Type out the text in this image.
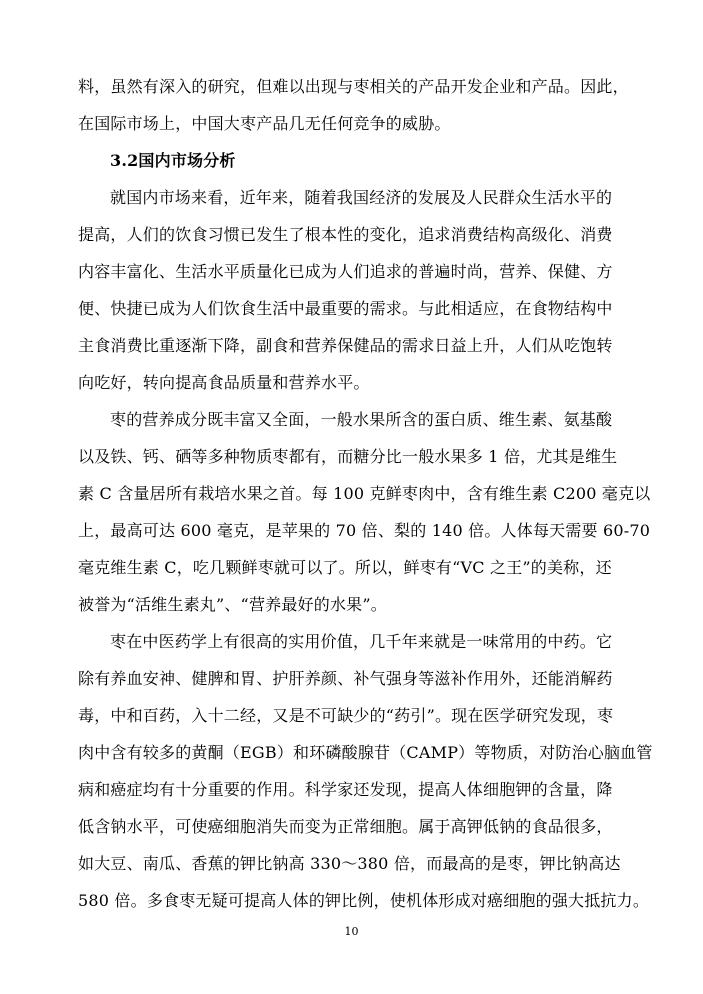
料，虽然有深入的研究，但难以出现与枣相关的产品开发企业和产品。因此，
在国际市场上，中国大枣产品几无任何竞争的威胁。
3.2国内市场分析
就国内市场来看，近年来，随着我国经济的发展及人民群众生活水平的
提高，人们的饮食习惯已发生了根本性的变化，追求消费结构高级化、消费
内容丰富化、生活水平质量化已成为人们追求的普遍时尚，营养、保健、方
便、快捷已成为人们饮食生活中最重要的需求。与此相适应，在食物结构中
主食消费比重逐渐下降，副食和营养保健品的需求日益上升，人们从吃饱转
向吃好，转向提高食品质量和营养水平。
枣的营养成分既丰富又全面，一般水果所含的蛋白质、维生素、氨基酸
以及铁、钙、硒等多种物质枣都有，而糖分比一般水果多 1 倍，尤其是维生
素 C 含量居所有栽培水果之首。每 100 克鲜枣肉中，含有维生素 C200 毫克以
上，最高可达 600 毫克，是苹果的 70 倍、梨的 140 倍。人体每天需要 60-70
毫克维生素 C，吃几颗鲜枣就可以了。所以，鲜枣有“VC 之王”的美称，还
被誉为“活维生素丸”、“营养最好的水果”。
枣在中医药学上有很高的实用价值，几千年来就是一味常用的中药。它
除有养血安神、健脾和胃、护肝养颜、补气强身等滋补作用外，还能消解药
毒，中和百药，入十二经，又是不可缺少的“药引”。现在医学研究发现，枣
肉中含有较多的黄酮（EGB）和环磷酸腺苷（CAMP）等物质，对防治心脑血管
病和癌症均有十分重要的作用。科学家还发现，提高人体细胞钾的含量，降
低含钠水平，可使癌细胞消失而变为正常细胞。属于高钾低钠的食品很多，
如大豆、南瓜、香蕉的钾比钠高 330～380 倍，而最高的是枣，钾比钠高达
580 倍。多食枣无疑可提高人体的钾比例，使机体形成对癌细胞的强大抵抗力。
10
